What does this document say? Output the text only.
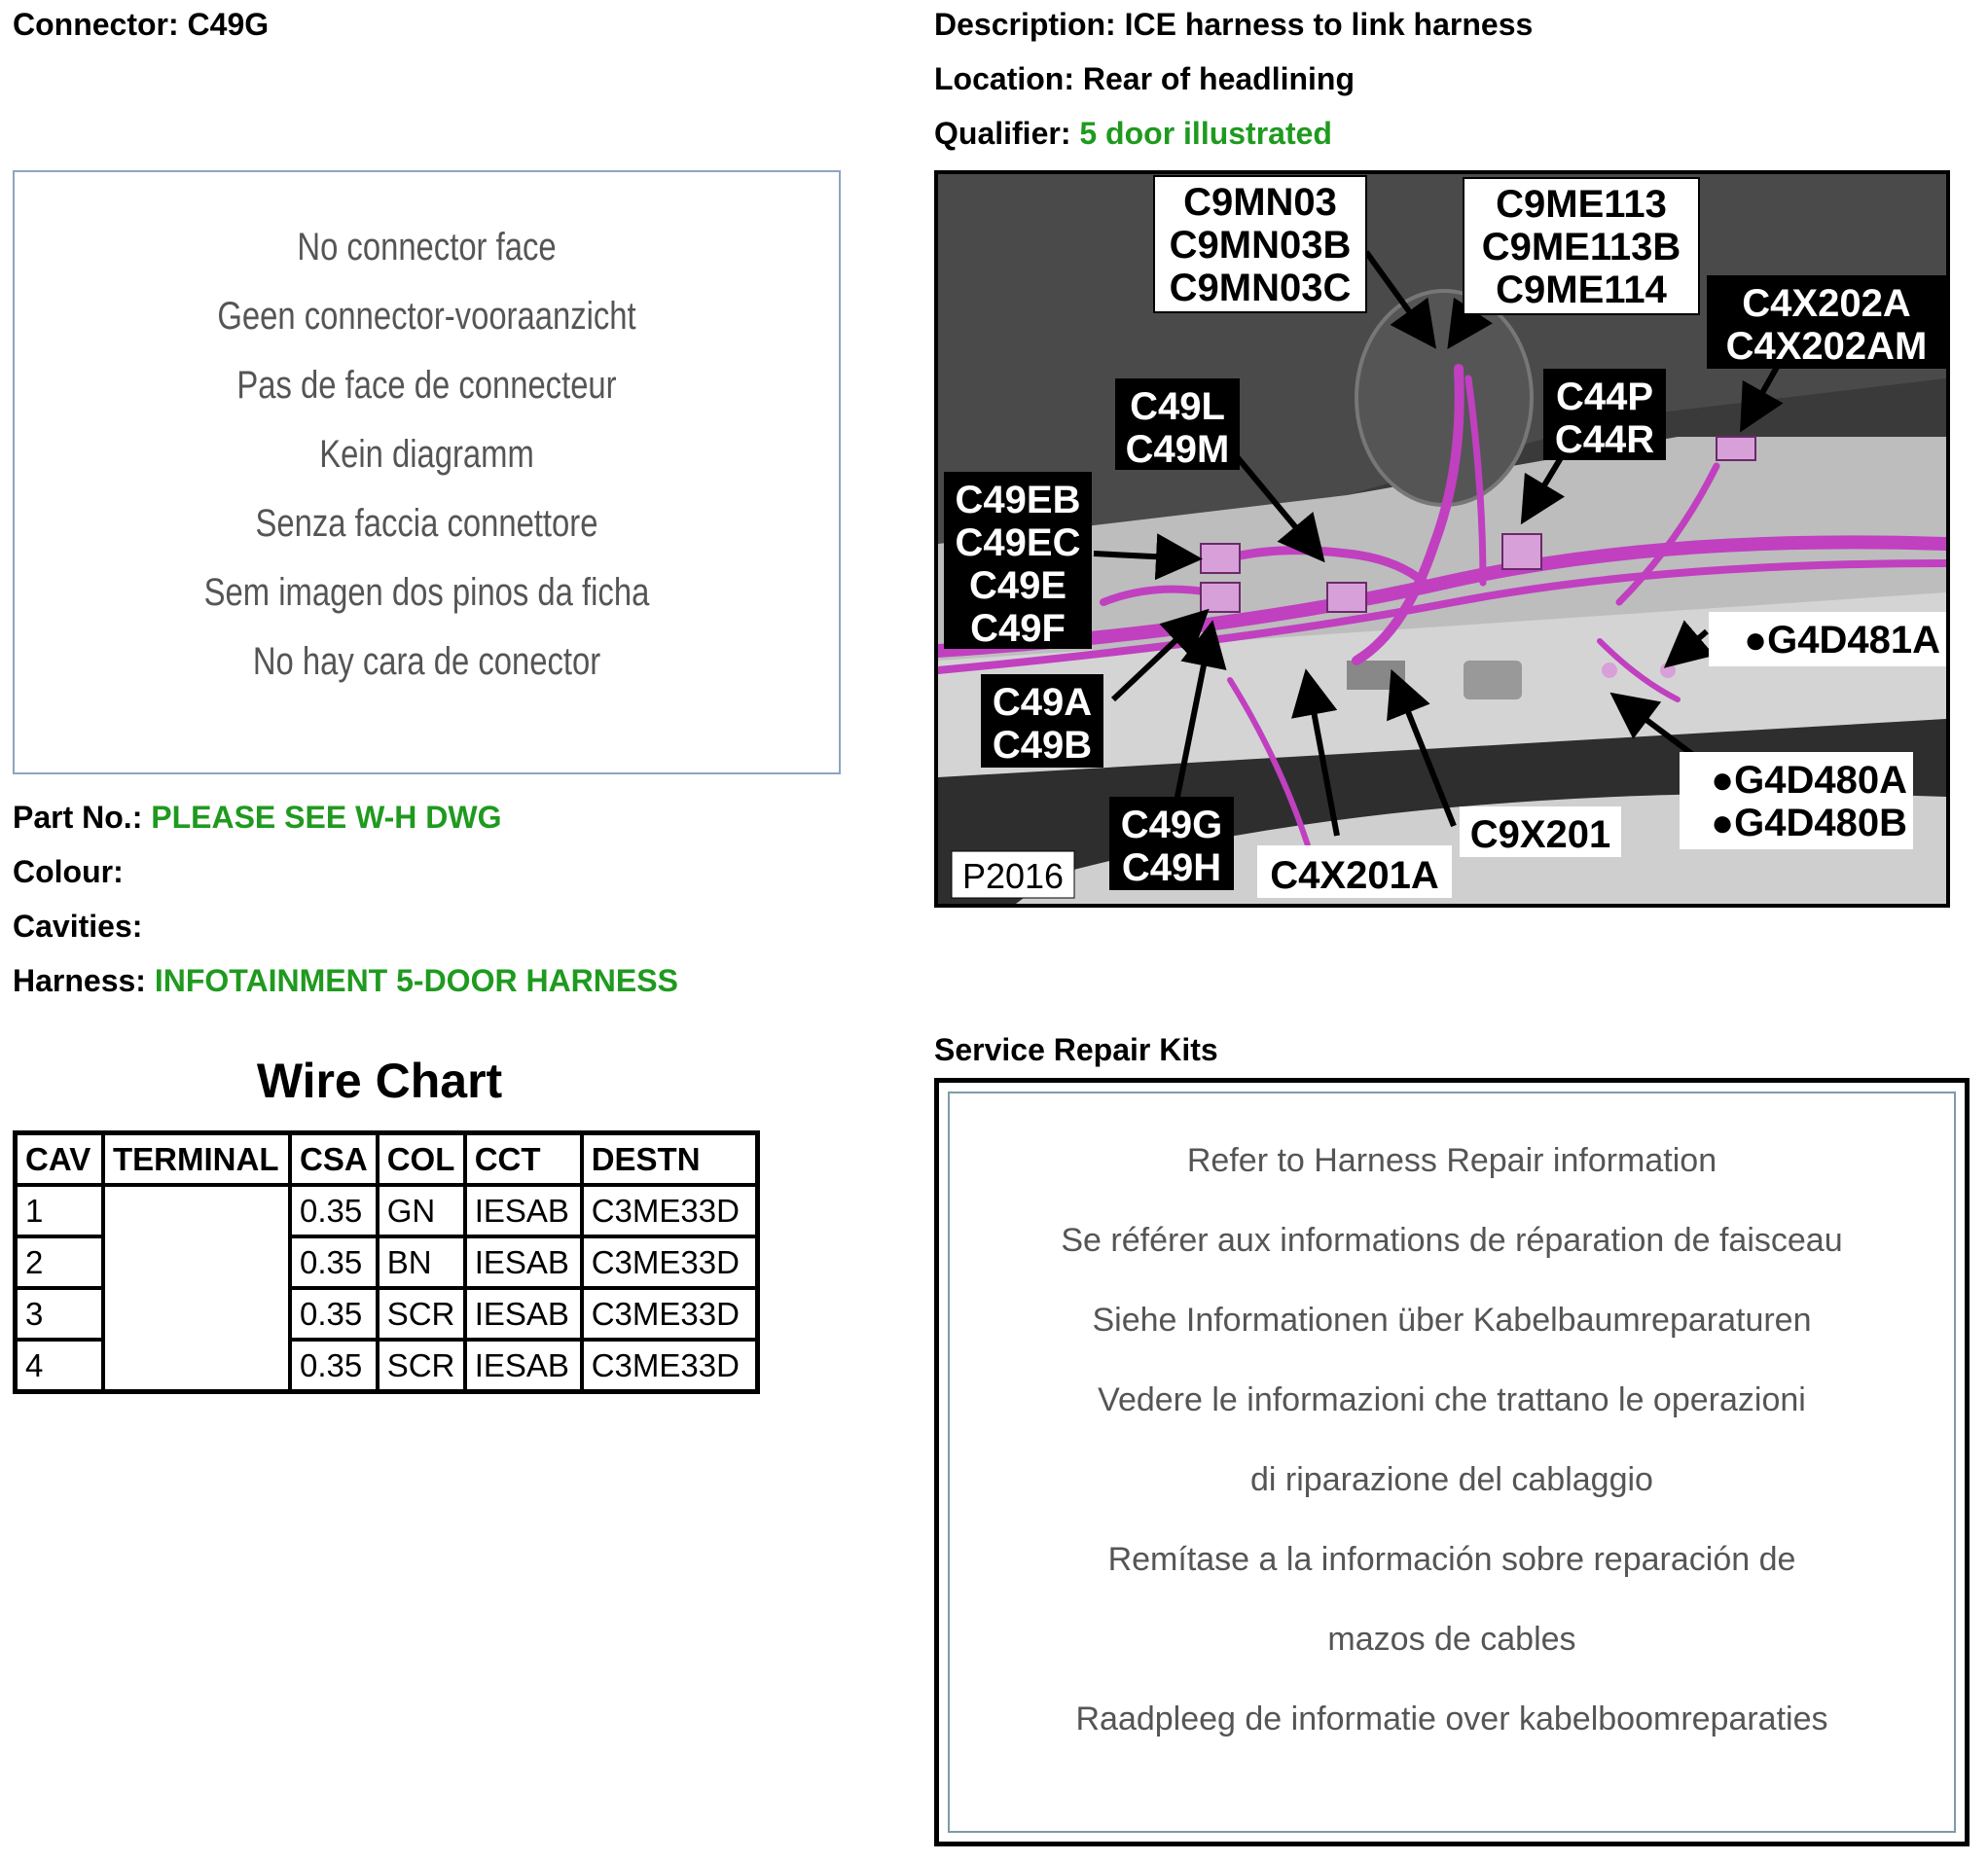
Connector: C49G	Description: ICE harness to link harness
Location: Rear of headlining
Qualifier: 5 door illustrated
No connector face
Geen connector-vooraanzicht
Pas de face de connecteur
Kein diagramm
Senza faccia connettore
Sem imagen dos pinos da ficha
No hay cara de conector
Part No.: PLEASE SEE W-H DWG
Colour:
Cavities:
Harness: INFOTAINMENT 5-DOOR HARNESS
Wire Chart
CAV	TERMINAL	CSA	COL	CCT	DESTN
1		0.35	GN	IESAB	C3ME33D
2		0.35	BN	IESAB	C3ME33D
3		0.35	SCR	IESAB	C3ME33D
4		0.35	SCR	IESAB	C3ME33D
C9MN03
C9MN03B
C9MN03C
C9ME113
C9ME113B
C9ME114 C4X202A
C4X202AM
C49L
C49M
C44P
C44R
C49EB
C49EC
C49E
C49F	●G4D481A
C49A
C49B
●G4D480A
●G4D480B
C49G
C49H
C9X201
C4X201A
P2016
Service Repair Kits
Refer to Harness Repair information
Se référer aux informations de réparation de faisceau
Siehe Informationen über Kabelbaumreparaturen
Vedere le informazioni che trattano le operazioni
di riparazione del cablaggio
Remítase a la información sobre reparación de
mazos de cables
Raadpleeg de informatie over kabelboomreparaties
